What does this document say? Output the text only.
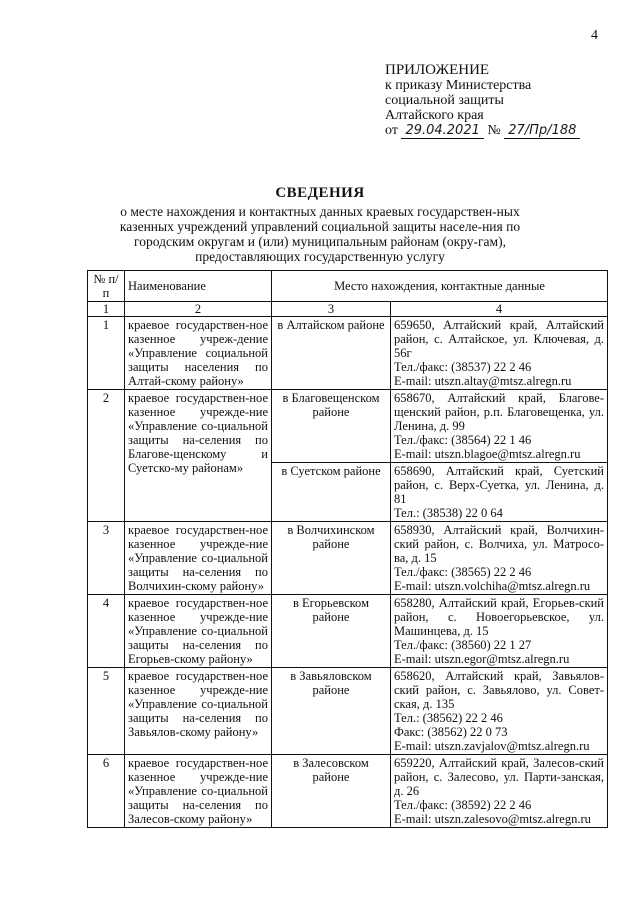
4
ПРИЛОЖЕНИЕ
к приказу Министерства
социальной защиты
Алтайского края
от 29.04.2021 № 27/Пр/188
СВЕДЕНИЯ
о месте нахождения и контактных данных краевых государствен-ных казенных учреждений управлений социальной защиты населе-ния по городским округам и (или) муниципальным районам (окру-гам), предоставляющих государственную услугу
№ п/п	Наименование	Место нахождения, контактные данные	
1	2	3	4
1	краевое государствен-ное казенное учреж-дение «Управление социальной защиты населения по Алтай-скому району»	в Алтайском районе	659650, Алтайский край, Алтайский район, с. Алтайское, ул. Ключевая, д. 56г
Тел./факс: (38537) 22 2 46
E-mail: utszn.altay@mtsz.alregn.ru

2	краевое государствен-ное казенное учрежде-ние «Управление со-циальной защиты на-селения по Благове-щенскому и Суетско-му районам»	в Благовещенском районе	658670, Алтайский край, Благове-щенский район, р.п. Благовещенка, ул. Ленина, д. 99
Тел./факс: (38564) 22 1 46
E-mail: utszn.blagoe@mtsz.alregn.ru

		в Суетском районе	658690, Алтайский край, Суетский район, с. Верх-Суетка, ул. Ленина, д. 81
Тел.: (38538) 22 0 64

3	краевое государствен-ное казенное учрежде-ние «Управление со-циальной защиты на-селения по Волчихин-скому району»	в Волчихинском районе	658930, Алтайский край, Волчихин-ский район, с. Волчиха, ул. Матросо-ва, д. 15
Тел./факс: (38565) 22 2 46
E-mail: utszn.volchiha@mtsz.alregn.ru

4	краевое государствен-ное казенное учрежде-ние «Управление со-циальной защиты на-селения по Егорьев-скому району»	в Егорьевском районе	658280, Алтайский край, Егорьев-ский район, с. Новоегорьевское, ул. Машинцева, д. 15
Тел./факс: (38560) 22 1 27
E-mail: utszn.egor@mtsz.alregn.ru

5	краевое государствен-ное казенное учрежде-ние «Управление со-циальной защиты на-селения по Завьялов-скому району»	в Завьяловском районе	658620, Алтайский край, Завьялов-ский район, с. Завьялово, ул. Совет-ская, д. 135
Тел.: (38562) 22 2 46
Факс: (38562) 22 0 73
E-mail: utszn.zavjalov@mtsz.alregn.ru

6	краевое государствен-ное казенное учрежде-ние «Управление со-циальной защиты на-селения по Залесов-скому району»	в Залесовском районе	659220, Алтайский край, Залесов-ский район, с. Залесово, ул. Парти-занская, д. 26
Тел./факс: (38592) 22 2 46
E-mail: utszn.zalesovo@mtsz.alregn.ru
